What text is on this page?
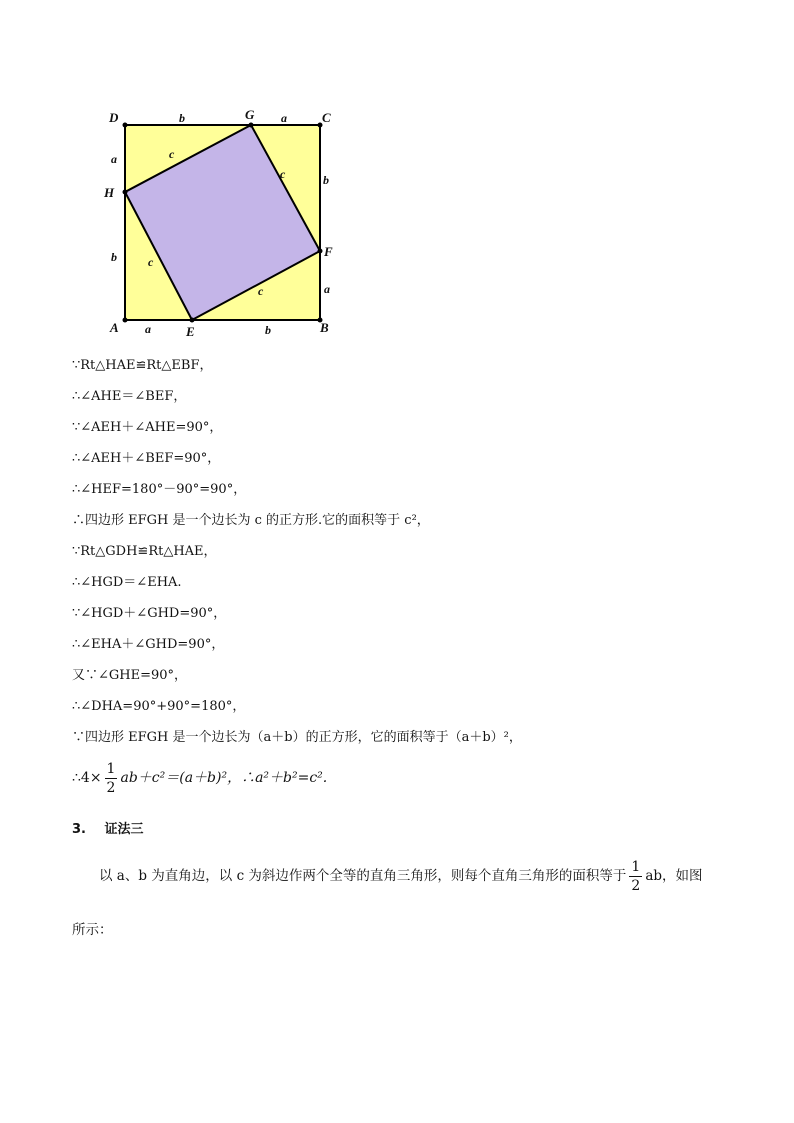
D	G	C
H
F
A	E	B
b	a
a
b
b
a
a	b
c
c
c
c
∵Rt△HAE≌Rt△EBF，
∴∠AHE＝∠BEF，
∵∠AEH＋∠AHE=90°，
∴∠AEH＋∠BEF=90°，
∴∠HEF=180°－90°=90°，
∴四边形 EFGH 是一个边长为 c 的正方形.它的面积等于 c²，
∵Rt△GDH≌Rt△HAE，
∴∠HGD＝∠EHA.
∵∠HGD＋∠GHD=90°，
∴∠EHA＋∠GHD=90°，
又∵∠GHE=90°，
∴∠DHA=90°+90°=180°，
∵四边形 EFGH 是一个边长为（a＋b）的正方形，它的面积等于（a＋b）²，
∴4× $\frac{1}{2} ab+c^2=(a+b)^2$，∴a²＋b²=c².
3. 证法三
以 a、b 为直角边，以 c 为斜边作两个全等的直角三角形，则每个直角三角形的面积等于 $\frac{1}{2}$ ab，如图
所示：
